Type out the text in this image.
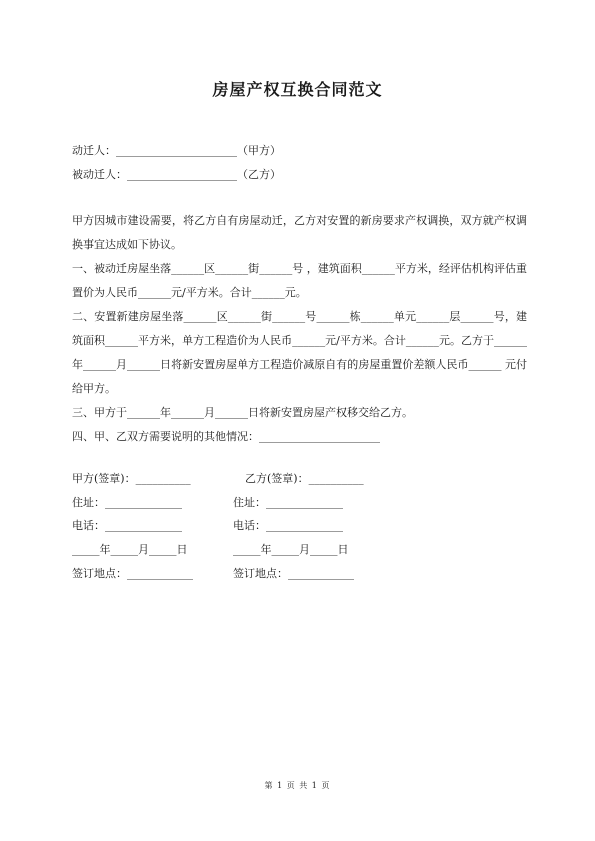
房屋产权互换合同范文
动迁人：______________________（甲方）
被动迁人：____________________（乙方）

甲方因城市建设需要，将乙方自有房屋动迁，乙方对安置的新房要求产权调换，双方就产权调换事宜达成如下协议。

一、被动迁房屋坐落______区______街______号 ，建筑面积______平方米，经评估机构评估重置价为人民币______元/平方米。合计______元。

二、安置新建房屋坐落______区______街______号______栋______单元______层______号，建筑面积______平方米，单方工程造价为人民币______元/平方米。合计______元。乙方于______年______月______日将新安置房屋单方工程造价减原自有的房屋重置价差额人民币______ 元付给甲方。

三、甲方于______年______月______日将新安置房屋产权移交给乙方。

四、甲、乙双方需要说明的其他情况：______________________

甲方(签章)：__________
住址：______________
电话：______________
_____年_____月_____日
签订地点：____________
乙方(签章)：__________
住址：______________
电话：______________
_____年_____月_____日
签订地点：____________
第 1 页 共 1 页
